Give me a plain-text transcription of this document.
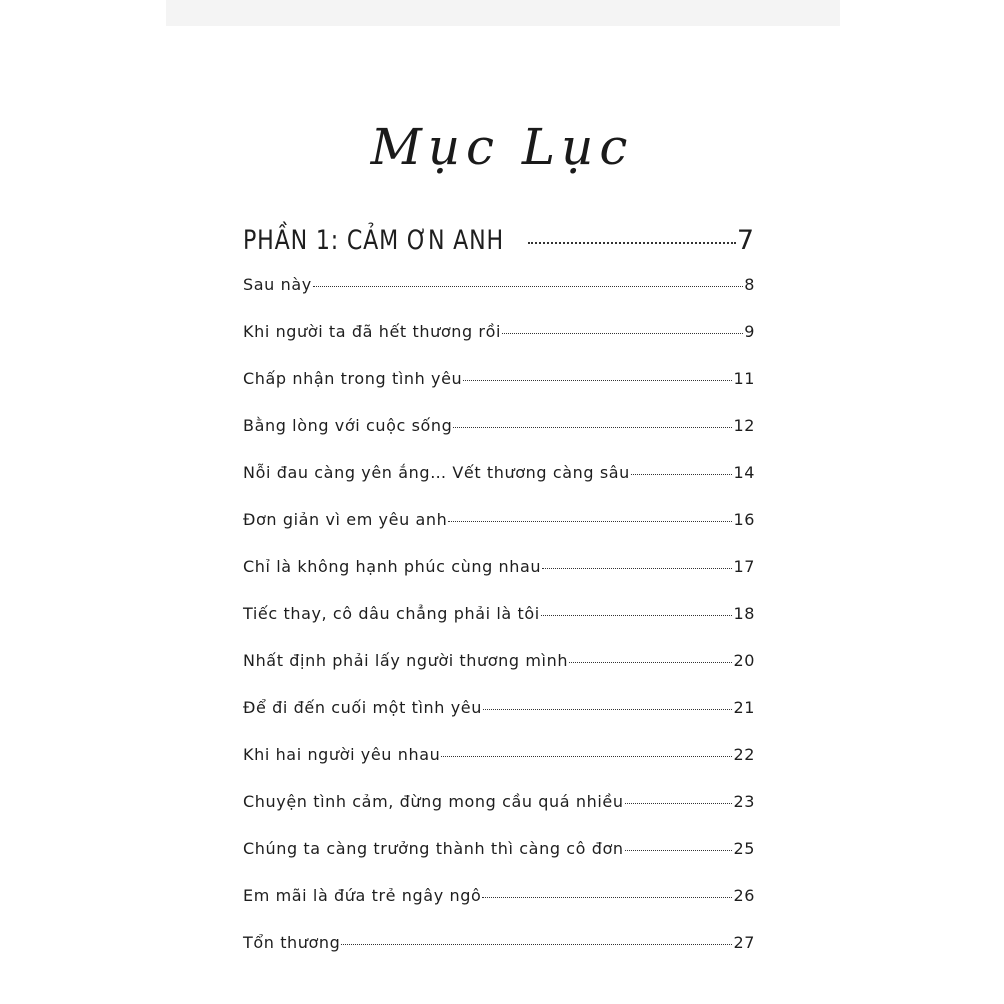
Mục Lục
PHẦN 1: CẢM ƠN ANH	7
Sau này	8
Khi người ta đã hết thương rồi	9
Chấp nhận trong tình yêu	11
Bằng lòng với cuộc sống	12
Nỗi đau càng yên ắng… Vết thương càng sâu	14
Đơn giản vì em yêu anh	16
Chỉ là không hạnh phúc cùng nhau	17
Tiếc thay, cô dâu chẳng phải là tôi	18
Nhất định phải lấy người thương mình	20
Để đi đến cuối một tình yêu	21
Khi hai người yêu nhau	22
Chuyện tình cảm, đừng mong cầu quá nhiều	23
Chúng ta càng trưởng thành thì càng cô đơn	25
Em mãi là đứa trẻ ngây ngô	26
Tổn thương	27
